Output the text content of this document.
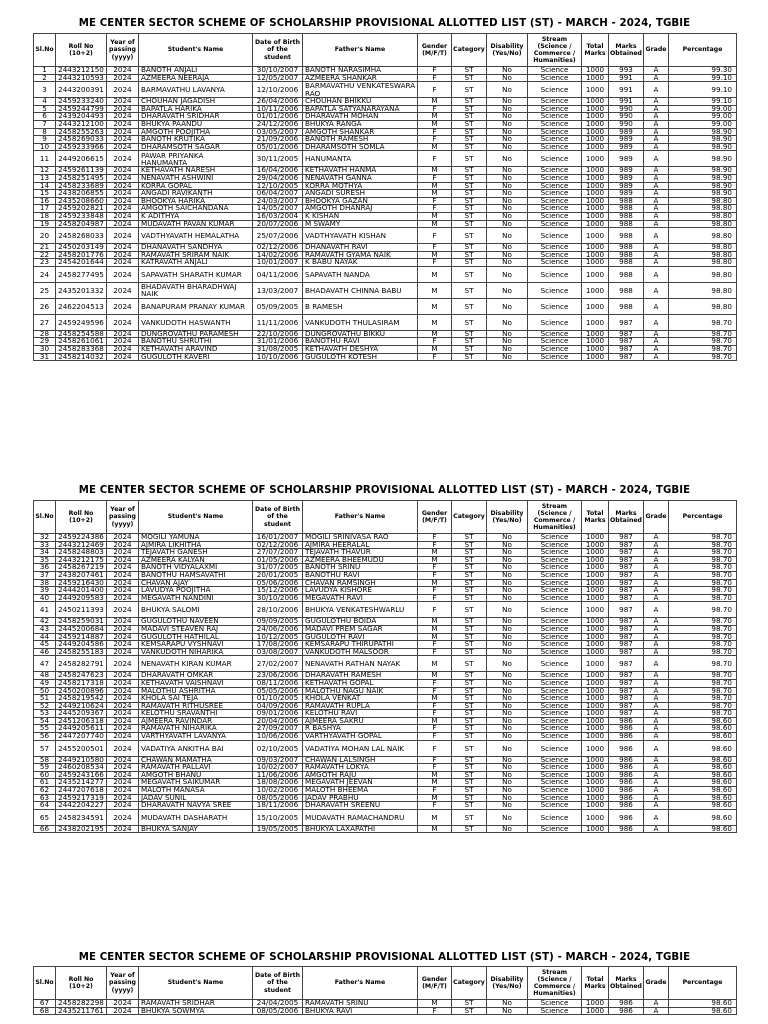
ME CENTER SECTOR SCHEME OF SCHOLARSHIP PROVISIONAL ALLOTTED LIST (ST) - MARCH - 2024, TGBIE
Sl.No	Roll No (10+2)	Year of passing (yyyy)	Student's Name	Date of Birth of the student	Father's Name	Gender (M/F/T)	Category	Disability (Yes/No)	Stream (Science / Commerce / Humanities)	Total Marks	Marks Obtained	Grade	Percentage
1	2443212150	2024	BANOTH ANJALI	30/10/2007	BANOTH NARASIMHA	F	ST	No	Science	1000	993	A	99.30
2	2443210593	2024	AZMEERA NEERAJA	12/05/2007	AZMEERA SHANKAR	F	ST	No	Science	1000	991	A	99.10
3	2443200391	2024	BARMAVATHU LAVANYA	12/10/2006	BARMAVATHU VENKATESWARA RAO	F	ST	No	Science	1000	991	A	99.10
4	2459233240	2024	CHOUHAN JAGADISH	26/04/2006	CHOUHAN BHIKKU	M	ST	No	Science	1000	991	A	99.10
5	2459244799	2024	BAPATLA HARIKA	10/11/2006	BAPATLA SATYANARAYANA	F	ST	No	Science	1000	990	A	99.00
6	2439204493	2024	DHARAVATH SRIDHAR	01/01/2006	DHARAVATH MOHAN	M	ST	No	Science	1000	990	A	99.00
7	2443212100	2024	BHUKYA PAANDU	24/12/2006	BHUKYA RANGA	M	ST	No	Science	1000	990	A	99.00
8	2458255263	2024	AMGOTH POOJITHA	03/05/2007	AMGOTH SHANKAR	F	ST	No	Science	1000	989	A	98.90
9	2458269033	2024	BANOTH KRUTIKA	21/09/2006	BANOTH RAMESH	F	ST	No	Science	1000	989	A	98.90
10	2459233966	2024	DHARAMSOTH SAGAR	05/01/2006	DHARAMSOTH SOMLA	M	ST	No	Science	1000	989	A	98.90
11	2449206615	2024	PAWAR PRIYANKA HANUMANTA	30/11/2005	HANUMANTA	F	ST	No	Science	1000	989	A	98.90
12	2459261139	2024	KETHAVATH NARESH	16/04/2006	KETHAVATH HANMA	M	ST	No	Science	1000	989	A	98.90
13	2458251495	2024	NENAVATH ASHWINI	29/04/2006	NENAVATH GANNA	F	ST	No	Science	1000	989	A	98.90
14	2458233689	2024	KORRA GOPAL	12/10/2005	KORRA MOTHYA	M	ST	No	Science	1000	989	A	98.90
15	2438206855	2024	ANGADI RAVIKANTH	06/04/2007	ANGADI SURESH	M	ST	No	Science	1000	989	A	98.90
16	2435208660	2024	BHOOKYA HARIKA	24/03/2007	BHOOKYA GAZAN	F	ST	No	Science	1000	988	A	98.80
17	2459202821	2024	AMGOTH SAICHANDANA	14/05/2007	AMGOTH DHANRAJ	F	ST	No	Science	1000	988	A	98.80
18	2459233848	2024	K ADITHYA	16/03/2004	K KISHAN	M	ST	No	Science	1000	988	A	98.80
19	2458204987	2024	MUDAVATH PAVAN KUMAR	20/07/2006	M SWAMY	M	ST	No	Science	1000	988	A	98.80
20	2458268033	2024	VADTHYAVATH HEMALATHA	25/07/2006	VADTHYAVATH KISHAN	F	ST	No	Science	1000	988	A	98.80
21	2450203149	2024	DHANAVATH SANDHYA	02/12/2006	DHANAVATH RAVI	F	ST	No	Science	1000	988	A	98.80
22	2458201776	2024	RAMAVATH SRIRAM NAIK	14/02/2006	RAMAVATH GYAMA NAIK	M	ST	No	Science	1000	988	A	98.80
23	2454201644	2024	KATRAVATH ANJALI	10/01/2007	K BABU NAYAK	F	ST	No	Science	1000	988	A	98.80
24	2458277495	2024	SAPAVATH SHARATH KUMAR	04/11/2006	SAPAVATH NANDA	M	ST	No	Science	1000	988	A	98.80
25	2435201332	2024	BHADAVATH BHARADHWAJ NAIK	13/03/2007	BHADAVATH CHINNA BABU	M	ST	No	Science	1000	988	A	98.80
26	2462204513	2024	BANAPURAM PRANAY KUMAR	05/09/2005	B RAMESH	M	ST	No	Science	1000	988	A	98.80
27	2459249596	2024	VANKUDOTH HASWANTH	11/11/2006	VANKUDOTH THULASIRAM	M	ST	No	Science	1000	987	A	98.70
28	2458254588	2024	DUNGROVATHU PARAMESH	22/10/2006	DUNGROVATHU BIKKU	M	ST	No	Science	1000	987	A	98.70
29	2458261061	2024	BANOTHU SHRUTHI	31/01/2006	BANOTHU RAVI	F	ST	No	Science	1000	987	A	98.70
30	2458283368	2024	KETHAVATH ARAVIND	31/08/2005	KETHAVATH DESHYA	M	ST	No	Science	1000	987	A	98.70
31	2458214032	2024	GUGULOTH KAVERI	10/10/2006	GUGULOTH KOTESH	F	ST	No	Science	1000	987	A	98.70
ME CENTER SECTOR SCHEME OF SCHOLARSHIP PROVISIONAL ALLOTTED LIST (ST) - MARCH - 2024, TGBIE
Sl.No	Roll No (10+2)	Year of passing (yyyy)	Student's Name	Date of Birth of the student	Father's Name	Gender (M/F/T)	Category	Disability (Yes/No)	Stream (Science / Commerce / Humanities)	Total Marks	Marks Obtained	Grade	Percentage
32	2459224386	2024	MOGILI YAMUNA	16/01/2007	MOGILI SRINIVASA RAO	F	ST	No	Science	1000	987	A	98.70
33	2443212469	2024	AJMIRA LIKHITHA	02/12/2006	AJMIRA HEERALAL	F	ST	No	Science	1000	987	A	98.70
34	2458248803	2024	TEJAVATH GANESH	27/07/2007	TEJAVATH THAVUR	M	ST	No	Science	1000	987	A	98.70
35	2443212175	2024	AZMEERA KALYAN	01/05/2006	AZMEERA BHEEMUDU	M	ST	No	Science	1000	987	A	98.70
36	2458267219	2024	BANOTH VIDYALAXMI	31/07/2005	BANOTH SRINU	F	ST	No	Science	1000	987	A	98.70
37	2438207461	2024	BANOTHU HAMSAVATHI	20/01/2005	BANOTHU RAVI	F	ST	No	Science	1000	987	A	98.70
38	2459216430	2024	CHAVAN AJAY	05/06/2006	CHAVAN RAMSINGH	M	ST	No	Science	1000	987	A	98.70
39	2444201400	2024	LAVUDYA POOJITHA	15/12/2006	LAVUDYA KISHORE	F	ST	No	Science	1000	987	A	98.70
40	2449209583	2024	MEGAVATH NANDINI	30/10/2006	MEGAVATH RAVI	F	ST	No	Science	1000	987	A	98.70
41	2450211393	2024	BHUKYA SALOMI	28/10/2006	BHUKYA VENKATESHWARLU	F	ST	No	Science	1000	987	A	98.70
42	2458259031	2024	GUGULOTHU NAVEEN	09/09/2005	GUGULOTHU BOIDA	M	ST	No	Science	1000	987	A	98.70
43	2445200684	2024	MADAVI STEAVEN RAJ	24/06/2006	MADAVI PREM SAGAR	M	ST	No	Science	1000	987	A	98.70
44	2459214887	2024	GUGULOTH HATHILAL	10/12/2005	GUGULOTH RAVI	M	ST	No	Science	1000	987	A	98.70
45	2449204586	2024	KEMSARAPU VYSHNAVI	17/08/2006	KEMSARAPU THIRUPATHI	F	ST	No	Science	1000	987	A	98.70
46	2458255183	2024	VANKUDOTH NIHARIKA	03/08/2007	VANKUDOTH MALSOOR	F	ST	No	Science	1000	987	A	98.70
47	2458282791	2024	NENAVATH KIRAN KUMAR	27/02/2007	NENAVATH RATHAN NAYAK	M	ST	No	Science	1000	987	A	98.70
48	2458247623	2024	DHARAVATH OMKAR	23/06/2006	DHARAVATH RAMESH	M	ST	No	Science	1000	987	A	98.70
49	2458217318	2024	KETHAVATH VAISHNAVI	08/11/2006	KETHAVATH GOPAL	F	ST	No	Science	1000	987	A	98.70
50	2450200896	2024	MALOTHU ASHRITHA	05/05/2006	MALOTHU NAGU NAIK	F	ST	No	Science	1000	987	A	98.70
51	2458219542	2024	KHOLA SAI TEJA	01/10/2005	KHOLA VENKAT	M	ST	No	Science	1000	987	A	98.70
52	2449210624	2024	RAMAVATH RITHUSREE	04/09/2006	RAMAVATH RUPLA	F	ST	No	Science	1000	987	A	98.70
53	2445209367	2024	KELOTHU SRAVANTHI	09/01/2006	KELOTHU RAVI	F	ST	No	Science	1000	987	A	98.70
54	2451206318	2024	AJMEERA RAVINDAR	20/04/2006	AJMEERA SAKRU	M	ST	No	Science	1000	986	A	98.60
55	2449205611	2024	RAMAVATH NIHARIKA	27/09/2007	R BASHYA	F	ST	No	Science	1000	986	A	98.60
56	2447207740	2024	VARTHYAVATH LAVANYA	10/06/2006	VARTHYAVATH GOPAL	F	ST	No	Science	1000	986	A	98.60
57	2455200501	2024	VADATIYA ANKITHA BAI	02/10/2005	VADATIYA MOHAN LAL NAIK	F	ST	No	Science	1000	986	A	98.60
58	2449210580	2024	CHAWAN MAMATHA	09/03/2007	CHAWAN LALSINGH	F	ST	No	Science	1000	986	A	98.60
59	2460208534	2024	RAMAVATH PALLAVI	10/02/2007	RAMAVATH LOKYA	F	ST	No	Science	1000	986	A	98.60
60	2459243166	2024	AMGOTH BHANU	11/06/2006	AMGOTH RAJU	M	ST	No	Science	1000	986	A	98.60
61	2435214277	2024	MEGAVATH SAIKUMAR	18/08/2006	MEGAVATH JEEVAN	M	ST	No	Science	1000	986	A	98.60
62	2447207618	2024	MALOTH MANASA	10/02/2006	MALOTH BHEEMA	F	ST	No	Science	1000	986	A	98.60
63	2459217319	2024	JADAV SUNIL	08/05/2006	JADAV PRABHU	M	ST	No	Science	1000	986	A	98.60
64	2442204227	2024	DHARAVATH NAVYA SREE	18/11/2006	DHARAVATH SREENU	F	ST	No	Science	1000	986	A	98.60
65	2458234591	2024	MUDAVATH DASHARATH	15/10/2005	MUDAVATH RAMACHANDRU	M	ST	No	Science	1000	986	A	98.60
66	2438202195	2024	BHUKYA SANJAY	19/05/2005	BHUKYA LAXAPATHI	M	ST	No	Science	1000	986	A	98.60
ME CENTER SECTOR SCHEME OF SCHOLARSHIP PROVISIONAL ALLOTTED LIST (ST) - MARCH - 2024, TGBIE
Sl.No	Roll No (10+2)	Year of passing (yyyy)	Student's Name	Date of Birth of the student	Father's Name	Gender (M/F/T)	Category	Disability (Yes/No)	Stream (Science / Commerce / Humanities)	Total Marks	Marks Obtained	Grade	Percentage
67	2458282298	2024	RAMAVATH SRIDHAR	24/04/2005	RAMAVATH SRINU	M	ST	No	Science	1000	986	A	98.60
68	2435211761	2024	BHUKYA SOWMYA	08/05/2006	BHUKYA RAVI	F	ST	No	Science	1000	986	A	98.60
